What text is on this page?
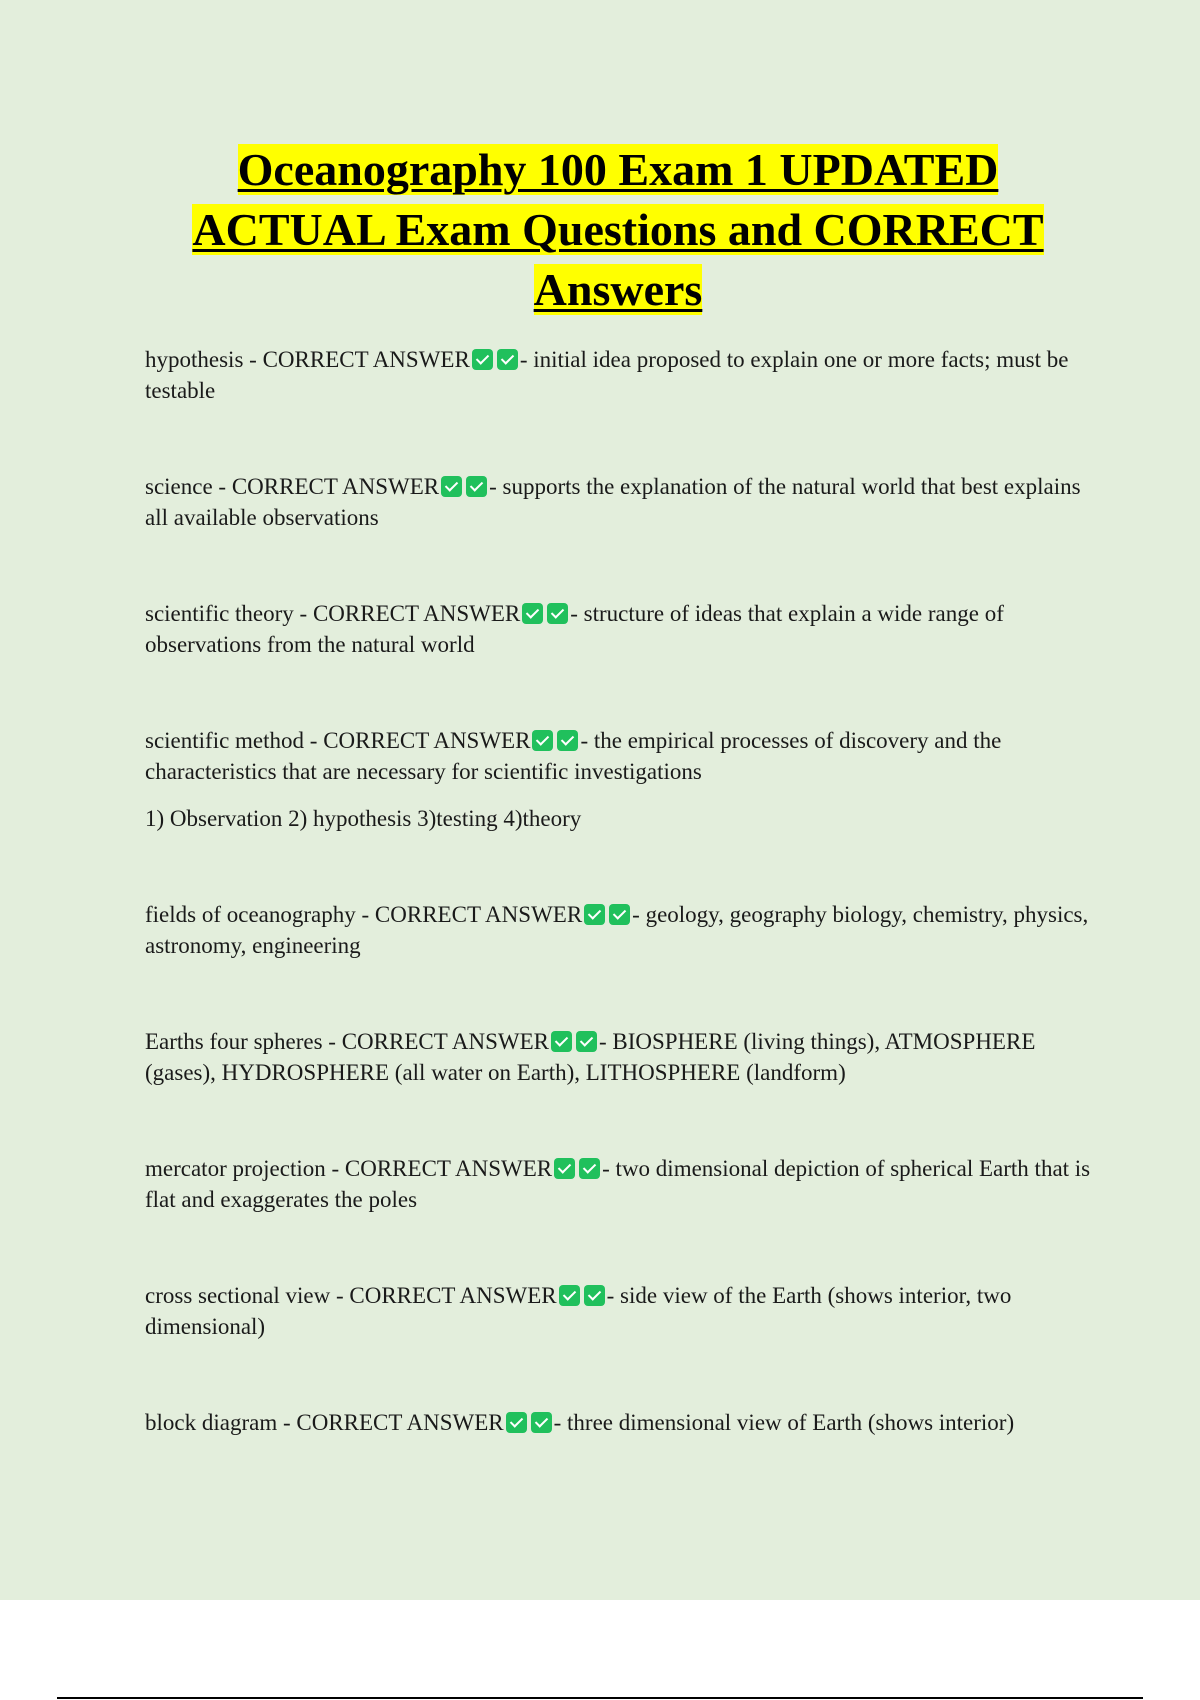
Oceanography 100 Exam 1 UPDATED
ACTUAL Exam Questions and CORRECT
Answers

hypothesis - CORRECT ANSWER - initial idea proposed to explain one or more facts; must be testable

science - CORRECT ANSWER - supports the explanation of the natural world that best explains all available observations

scientific theory - CORRECT ANSWER - structure of ideas that explain a wide range of observations from the natural world

scientific method - CORRECT ANSWER - the empirical processes of discovery and the characteristics that are necessary for scientific investigations

1) Observation 2) hypothesis 3)testing 4)theory

fields of oceanography - CORRECT ANSWER - geology, geography biology, chemistry, physics, astronomy, engineering

Earths four spheres - CORRECT ANSWER - BIOSPHERE (living things), ATMOSPHERE (gases), HYDROSPHERE (all water on Earth), LITHOSPHERE (landform)

mercator projection - CORRECT ANSWER - two dimensional depiction of spherical Earth that is flat and exaggerates the poles

cross sectional view - CORRECT ANSWER - side view of the Earth (shows interior, two dimensional)

block diagram - CORRECT ANSWER - three dimensional view of Earth (shows interior)
